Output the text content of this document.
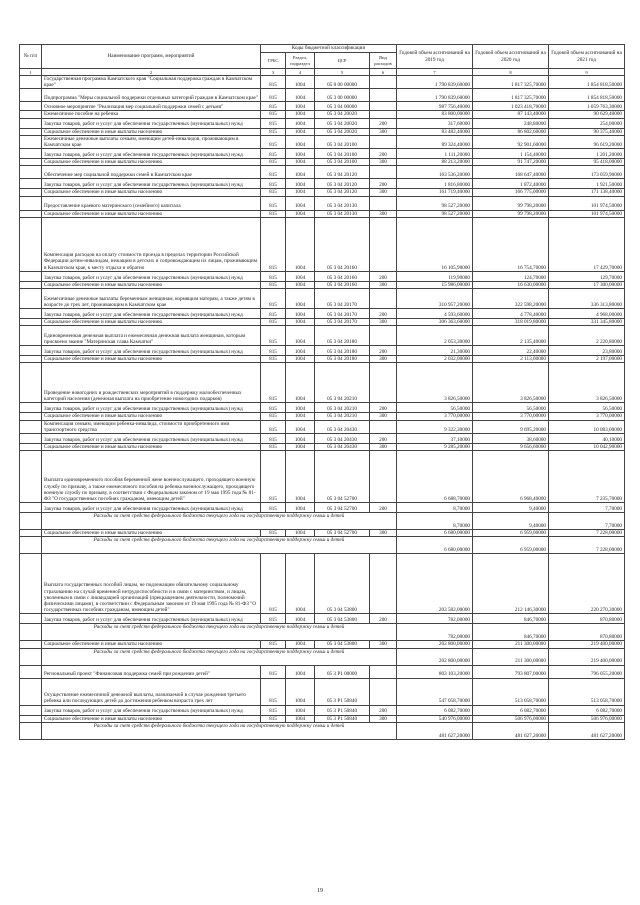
№ п/п	Наименование программ, мероприятий	Коды бюджетной классификации				Годовой объем ассигнований на 2019 год	Годовой объем ассигнований на 2020 год	Годовой объем ассигнований на 2021 год
		ГРБС	Раздел, подраздел	ЦСР	Вид расходов			
1	2	3	4	5	6	7	8	9
	Государственная программа Камчатского края "Социальная поддержка граждан в Камчатском крае"	815	1004	05 0 00 00000		1 790 839,60000	1 817 325,70000	1 854 818,50000
	Подпрограмма "Меры социальной поддержки отдельных категорий граждан в Камчатском крае"	815	1004	05 3 00 00000		1 790 839,60000	1 817 325,70000	1 854 818,50000
	Основное мероприятие "Реализация мер социальной поддержки семей с детьми"	815	1004	05 3 04 00000		987 756,40000	1 023 418,70000	1 059 763,30000
	Ежемесячное пособие на ребенка	815	1004	05 3 04 20020		83 800,00000	87 143,40000	90 629,40000
	Закупка товаров, работ и услуг для обеспечения государственных (муниципальных) нужд	815	1004	05 3 04 20020	200	317,60000	248,80000	254,00000
	Социальное обеспечение и иные выплаты населению	815	1004	05 3 04 20020	300	83 482,40000	86 802,60000	90 375,40000
	Ежемесячные денежные выплаты семьям, имеющим детей-инвалидов, проживающим в Камчатском крае	815	1004	05 3 04 20100		89 324,40000	92 901,60000	96 619,20000
	Закупка товаров, работ и услуг для обеспечения государственных (муниципальных) нужд	815	1004	05 3 04 20100	200	1 111,20000	1 154,40000	1 201,20000
	Социальное обеспечение и иные выплаты населению	815	1004	05 3 04 20100	300	88 213,20000	91 747,20000	95 418,00000
	Обеспечение мер социальной поддержки семей в Камчатском крае	815	1004	05 3 04 20120		163 536,20000	168 647,40000	173 059,90000
	Закупка товаров, работ и услуг для обеспечения государственных (муниципальных) нужд	815	1004	05 3 04 20120	200	1 816,80000	1 872,40000	1 921,50000
	Социальное обеспечение и иные выплаты населению	815	1004	05 3 04 20120	300	161 719,40000	166 775,00000	171 138,40000
	Предоставление краевого материнского (семейного) капитала	815	1004	05 3 04 20130		98 527,20000	99 798,20000	101 974,50000
	Социальное обеспечение и иные выплаты населению	815	1004	05 3 04 20130	300	98 527,20000	99 798,20000	101 974,50000
	Компенсация расходов на оплату стоимости проезда в пределах территории Российской Федерации детям-инвалидам, нежащим в детских и сопровождающим их лицам, проживающим в Камчатском крае, к месту отдыха и обратно	815	1004	05 3 04 20160		16 105,90000	16 754,70000	17 429,70000
	Закупка товаров, работ и услуг для обеспечения государственных (муниципальных) нужд	815	1004	05 3 04 20160	200	119,90000	124,70000	129,70000
	Социальное обеспечение и иные выплаты населению	815	1004	05 3 04 20160	300	15 986,00000	16 630,00000	17 300,00000
	Ежемесячные денежные выплаты беременным женщинам, кормящим матерям, а также детям в возрасте до трех лет, проживающим в Камчатском крае	815	1004	05 3 04 20170		310 957,20000	322 598,20000	336 313,80000
	Закупка товаров, работ и услуг для обеспечения государственных (муниципальных) нужд	815	1004	05 3 04 20170	200	4 593,60000	4 778,40000	4 968,00000
	Социальное обеспечение и иные выплаты населению	815	1004	05 3 04 20170	300	306 363,60000	318 019,80000	331 345,80000
	Единовременная денежная выплата и ежемесячная денежная выплата женщинам, которым присвоено звание "Материнская слава Камчатки"	815	1004	05 3 04 20180		2 053,30000	2 135,40000	2 220,80000
	Закупка товаров, работ и услуг для обеспечения государственных (муниципальных) нужд	815	1004	05 3 04 20180	200	21,30000	22,40000	23,80000
	Социальное обеспечение и иные выплаты населению	815	1004	05 3 04 20180	300	2 032,00000	2 113,00000	2 197,00000
	Проведение новогодних и рождественских мероприятий в поддержку малообеспеченных категорий населения (денежная выплата на приобретение новогодних подарков)	815	1004	05 3 04 20210		3 826,50000	3 826,50000	3 826,50000
	Закупка товаров, работ и услуг для обеспечения государственных (муниципальных) нужд	815	1004	05 3 04 20210	200	56,50000	56,50000	56,50000
	Социальное обеспечение и иные выплаты населению	815	1004	05 3 04 20210	300	3 770,00000	3 770,00000	3 770,00000
	Компенсация семьям, имеющим ребенка-инвалида, стоимости приобретенного ими транспортного средства	815	1004	05 3 04 20430		9 322,30000	9 695,20000	10 083,00000
	Закупка товаров, работ и услуг для обеспечения государственных (муниципальных) нужд	815	1004	05 3 04 20430	200	37,10000	38,60000	40,10000
	Социальное обеспечение и иные выплаты населению	815	1004	05 3 04 20430	300	9 285,20000	9 656,60000	10 042,90000
	Выплата единовременного пособия беременной жене военнослужащего, проходящего военную службу по призыву, а также ежемесячного пособия на ребенка военнослужащего, проходящего военную службу по призыву, в соответствии с Федеральным законом от 19 мая 1995 года № 81-ФЗ "О государственных пособиях гражданам, имеющим детей"	815	1004	05 3 04 52700		6 688,70000	6 968,40000	7 235,70000
	Закупка товаров, работ и услуг для обеспечения государственных (муниципальных) нужд	815	1004	05 3 04 52700	200	8,70000	9,40000	7,70000
	Расходы за счет средств федерального бюджета текущего года на государственную поддержку семьи и детей					8,70000	9,40000	7,70000
	Социальное обеспечение и иные выплаты населению	815	1004	05 3 04 52700	300	6 680,00000	6 959,00000	7 228,00000
	Расходы за счет средств федерального бюджета текущего года на государственную поддержку семьи и детей					6 680,00000	6 959,00000	7 228,00000
	Выплата государственных пособий лицам, не подлежащим обязательному социальному страхованию на случай временной нетрудоспособности и в связи с материнством, и лицам, уволенным в связи с ликвидацией организаций (прекращением деятельности, полномочий физическими лицами), в соответствии с Федеральным законом от 19 мая 1995 года № 81-ФЗ "О государственных пособиях гражданам, имеющим детей"	815	1004	05 3 04 53800		203 582,00000	212 146,30000	220 270,30000
	Закупка товаров, работ и услуг для обеспечения государственных (муниципальных) нужд	815	1004	05 3 04 53800	200	782,00000	846,70000	870,80000
	Расходы за счет средств федерального бюджета текущего года на государственную поддержку семьи и детей					782,00000	846,70000	870,80000
	Социальное обеспечение и иные выплаты населению	815	1004	05 3 04 53800	300	202 800,00000	211 300,00000	219 400,00000
	Расходы за счет средств федерального бюджета текущего года на государственную поддержку семьи и детей					202 800,00000	211 300,00000	219 400,00000
	Региональный проект "Финансовая поддержка семей при рождении детей"	815	1004	05 3 P1 00000		803 103,20000	793 807,00000	796 055,20000
	Осуществление ежемесячной денежной выплаты, назначаемой в случае рождения третьего ребенка или последующих детей до достижения ребенком возраста трех лет	815	1004	05 3 P1 50840		547 058,70000	513 058,70000	513 058,70000
	Закупка товаров, работ и услуг для обеспечения государственных (муниципальных) нужд	815	1004	05 3 P1 50840	200	6 082,70000	6 082,70000	6 082,70000
	Социальное обеспечение и иные выплаты населению	815	1004	05 3 P1 50840	300	540 976,00000	506 976,00000	506 976,00000
	Расходы за счет средств федерального бюджета текущего года на государственную поддержку семьи и детей					481 627,20000	481 627,20000	481 627,20000
19
